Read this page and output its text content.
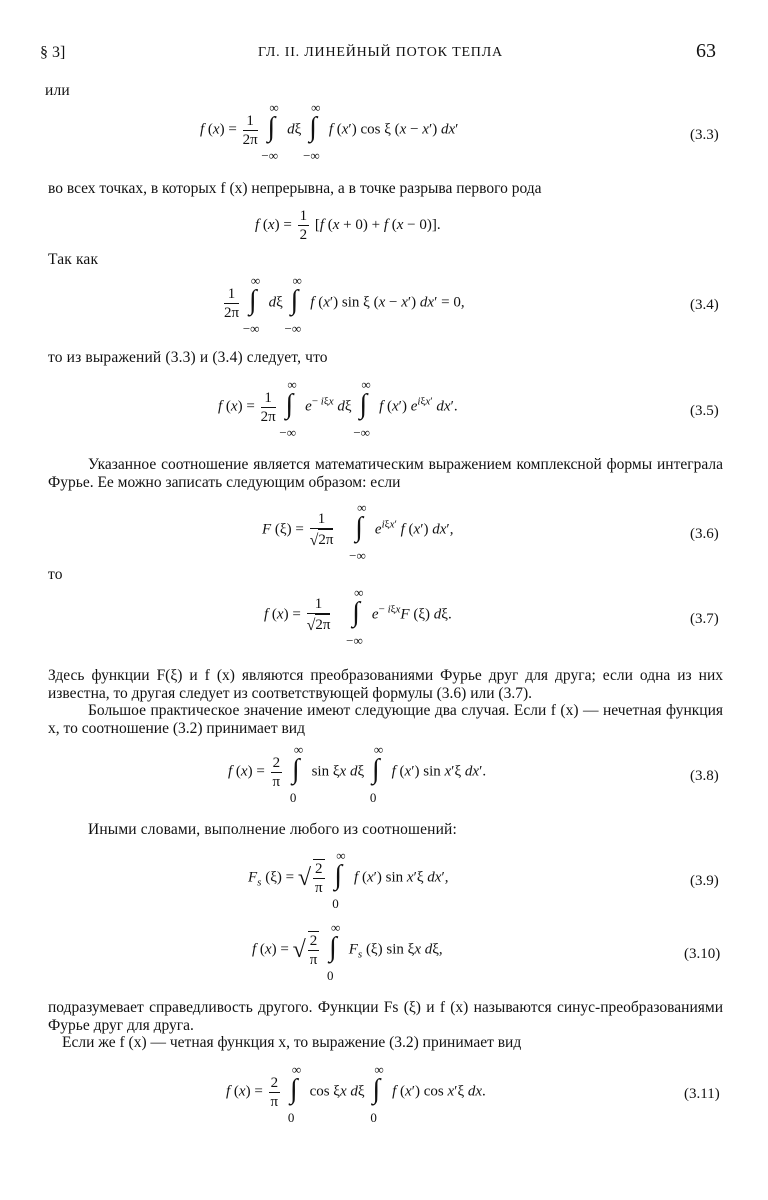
§ 3]	ГЛ. II. ЛИНЕЙНЫЙ ПОТОК ТЕПЛА	63
или
f $(x) = \frac{1}{2\pi}$
∫
∞
−∞
dξ ∫
∞
−∞
f (x′) cos ξ (x − x′) dx′	(3.3)
во всех точках, в которых f (x) непрерывна, а в точке разрыва первого рода
f $(x) = \frac{1}{2} [f$ (x + 0) + f (x − 0)].
Так как
$\frac{1}{2\pi}$
∫
∞
−∞
dξ ∫
∞
−∞
f (x′) sin ξ (x − x′) dx′ = 0,	(3.4)
то из выражений (3.3) и (3.4) следует, что
f $(x) = \frac{1}{2\pi}$
∫
∞
−∞
$e^{- i\xi x}$ dξ ∫
∞
−∞
f (x′) $e^{i\xi x'}$ dx′.	(3.5)
Указанное соотношение является математическим выражением комплексной формы интеграла Фурье. Ее можно записать следующим образом: если
F $(\xi) = \frac{1}{√2\pi}$
∫
∞
−∞
$e^{i\xi x'}$ f (x′) dx′,	(3.6)
то
f $(x) = \frac{1}{√2\pi}$
∫
∞
−∞
$e^{- i\xi x}F$ (ξ) dξ.	(3.7)
Здесь функции F(ξ) и f (x) являются преобразованиями Фурье друг для друга; если одна из них известна, то другая следует из соответствующей формулы (3.6) или (3.7).
Большое практическое значение имеют следующие два случая. Если f (x) — нечетная функция x, то соотношение (3.2) принимает вид
f $(x) = \frac{2}{\pi}$
∫
∞
0
sin ξx dξ ∫
∞
0
f (x′) sin x′ξ dx′.	(3.8)
Иными словами, выполнение любого из соотношений:
$F_s$ (ξ) = √ $\frac{2}{\pi}$
∫
∞
0
f (x′) sin x′ξ dx′,	(3.9)
f (x) = √ $\frac{2}{\pi}$
∫
∞
0
$F_s$ (ξ) sin ξx dξ,	(3.10)
подразумевает справедливость другого. Функции Fs (ξ) и f (x) называются синус-преобразованиями Фурье друг для друга.
Если же f (x) — четная функция x, то выражение (3.2) принимает вид
f $(x) = \frac{2}{\pi}$
∫
∞
0
cos ξx dξ ∫
∞
0
f (x′) cos x′ξ dx.	(3.11)
